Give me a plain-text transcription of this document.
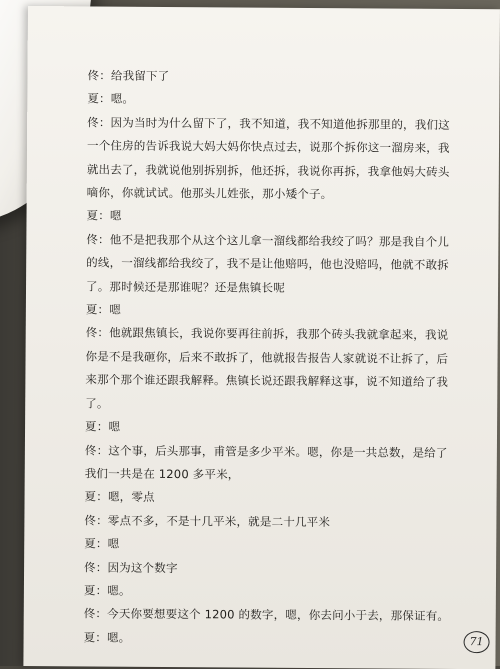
佟：给我留下了
夏：嗯。
佟：因为当时为什么留下了，我不知道，我不知道他拆那里的，我们这
一个住房的告诉我说大妈大妈你快点过去，说那个拆你这一溜房来，我
就出去了，我就说他别拆别拆，他还拆，我说你再拆，我拿他妈大砖头
嘀你，你就试试。他那头儿姓张，那小矮个子。
夏：嗯
佟：他不是把我那个从这个这儿拿一溜线都给我绞了吗？那是我自个儿
的线，一溜线都给我绞了，我不是让他赔吗，他也没赔吗，他就不敢拆
了。那时候还是那谁呢？还是焦镇长呢
夏：嗯
佟：他就跟焦镇长，我说你要再往前拆，我那个砖头我就拿起来，我说
你是不是我砸你，后来不敢拆了，他就报告报告人家就说不让拆了，后
来那个那个谁还跟我解释。焦镇长说还跟我解释这事，说不知道给了我
了。
夏：嗯
佟：这个事，后头那事，甫管是多少平米。嗯，你是一共总数，是给了
我们一共是在 1200 多平米，
夏：嗯，零点
佟：零点不多，不是十几平米，就是二十几平米
夏：嗯
佟：因为这个数字
夏：嗯。
佟：今天你要想要这个 1200 的数字，嗯，你去问小于去，那保证有。
夏：嗯。	71
